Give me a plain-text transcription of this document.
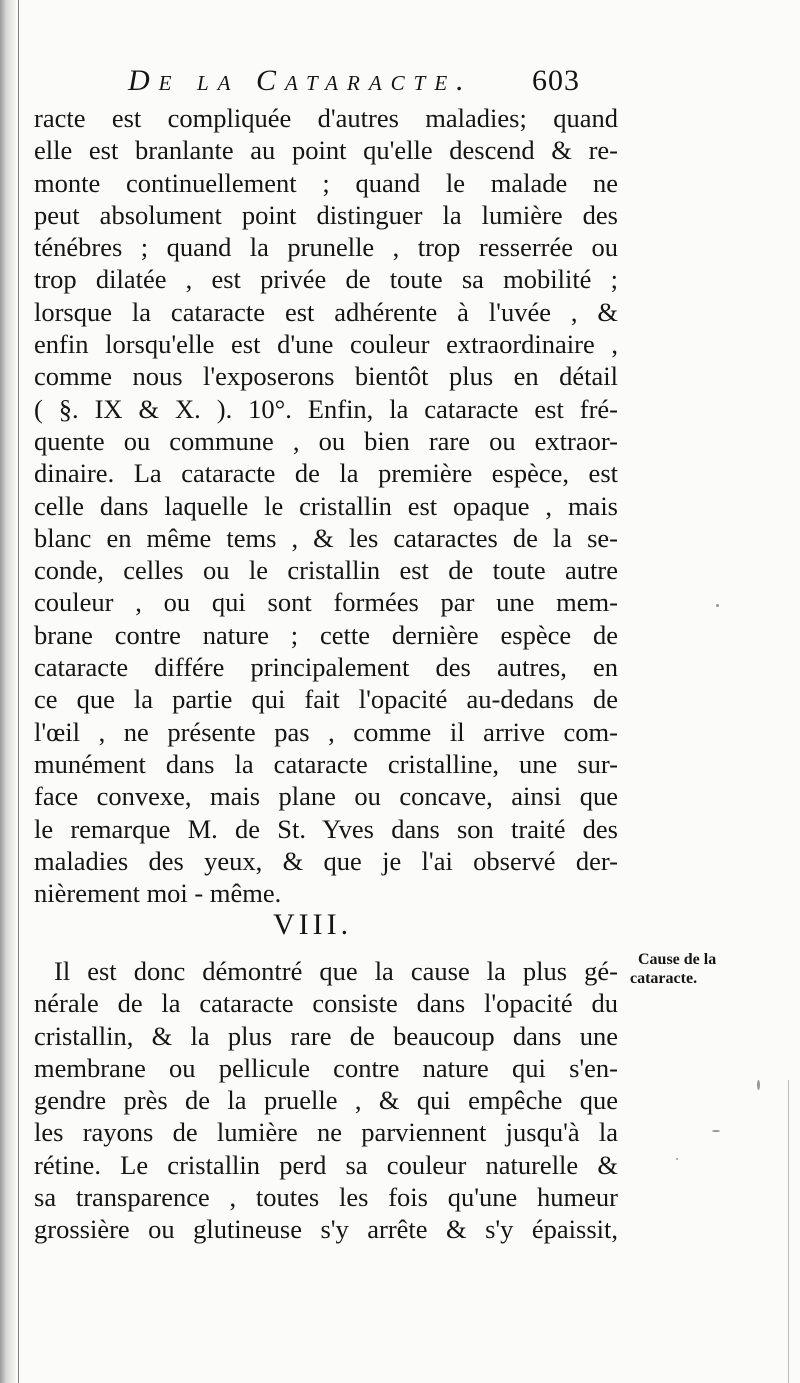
De la Cataracte. 603
racte est compliquée d'autres maladies; quand
elle est branlante au point qu'elle descend & re-
monte continuellement ; quand le malade ne
peut absolument point distinguer la lumière des
ténébres ; quand la prunelle , trop resserrée ou
trop dilatée , est privée de toute sa mobilité ;
lorsque la cataracte est adhérente à l'uvée , &
enfin lorsqu'elle est d'une couleur extraordinaire ,
comme nous l'exposerons bientôt plus en détail
( §. IX & X. ). 10°. Enfin, la cataracte est fré-
quente ou commune , ou bien rare ou extraor-
dinaire. La cataracte de la première espèce, est
celle dans laquelle le cristallin est opaque , mais
blanc en même tems , & les cataractes de la se-
conde, celles ou le cristallin est de toute autre
couleur , ou qui sont formées par une mem-
brane contre nature ; cette dernière espèce de
cataracte différe principalement des autres, en
ce que la partie qui fait l'opacité au-dedans de
l'œil , ne présente pas , comme il arrive com-
munément dans la cataracte cristalline, une sur-
face convexe, mais plane ou concave, ainsi que
le remarque M. de St. Yves dans son traité des
maladies des yeux, & que je l'ai observé der-
nièrement moi - même.
VIII.
Il est donc démontré que la cause la plus gé-
nérale de la cataracte consiste dans l'opacité du
cristallin, & la plus rare de beaucoup dans une
membrane ou pellicule contre nature qui s'en-
gendre près de la pruelle , & qui empêche que
les rayons de lumière ne parviennent jusqu'à la
rétine. Le cristallin perd sa couleur naturelle &
sa transparence , toutes les fois qu'une humeur
grossière ou glutineuse s'y arrête & s'y épaissit,
Cause de la
cataracte.
